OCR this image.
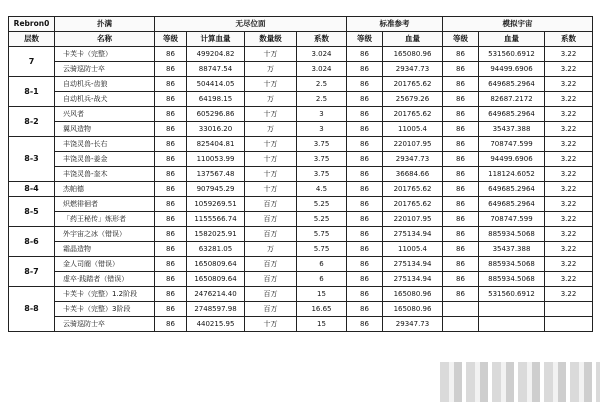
Rebron0	扑满	无尽位面				标准参考		模拟宇宙		
层数	名称	等级	计算血量	数量级	系数	等级	血量	等级	血量	系数
7	卡芙卡（完整）	86	499204.82	十万	3.024	86	165080.96	86	531560.6912	3.22
	云骑巡防士卒	86	88747.54	万	3.024	86	29347.73	86	94499.6906	3.22
8-1	自动机兵-齿狼	86	504414.05	十万	2.5	86	201765.62	86	649685.2964	3.22
	自动机兵-战犬	86	64198.15	万	2.5	86	25679.26	86	82687.2172	3.22
8-2	兴风者	86	605296.86	十万	3	86	201765.62	86	649685.2964	3.22
	翼风造物	86	33016.20	万	3	86	11005.4	86	35437.388	3.22
8-3	丰饶灵兽-长右	86	825404.81	十万	3.75	86	220107.95	86	708747.599	3.22
	丰饶灵兽-姜金	86	110053.99	十万	3.75	86	29347.73	86	94499.6906	3.22
	丰饶灵兽-奎木	86	137567.48	十万	3.75	86	36684.66	86	118124.6052	3.22
8-4	杰帕德	86	907945.29	十万	4.5	86	201765.62	86	649685.2964	3.22
8-5	炽燃徘徊者	86	1059269.51	百万	5.25	86	201765.62	86	649685.2964	3.22
	「药王秘传」炼形者	86	1155566.74	百万	5.25	86	220107.95	86	708747.599	3.22
8-6	外宇宙之冰（错误）	86	1582025.91	百万	5.75	86	275134.94	86	885934.5068	3.22
	霜晶造物	86	63281.05	万	5.75	86	11005.4	86	35437.388	3.22
8-7	金人司阍（错误）	86	1650809.64	百万	6	86	275134.94	86	885934.5068	3.22
	虚卒·践踏者（错误）	86	1650809.64	百万	6	86	275134.94	86	885934.5068	3.22
8-8	卡芙卡（完整）1.2阶段	86	2476214.40	百万	15	86	165080.96	86	531560.6912	3.22
	卡芙卡（完整）3阶段	86	2748597.98	百万	16.65	86	165080.96			
	云骑巡防士卒	86	440215.95	十万	15	86	29347.73			
